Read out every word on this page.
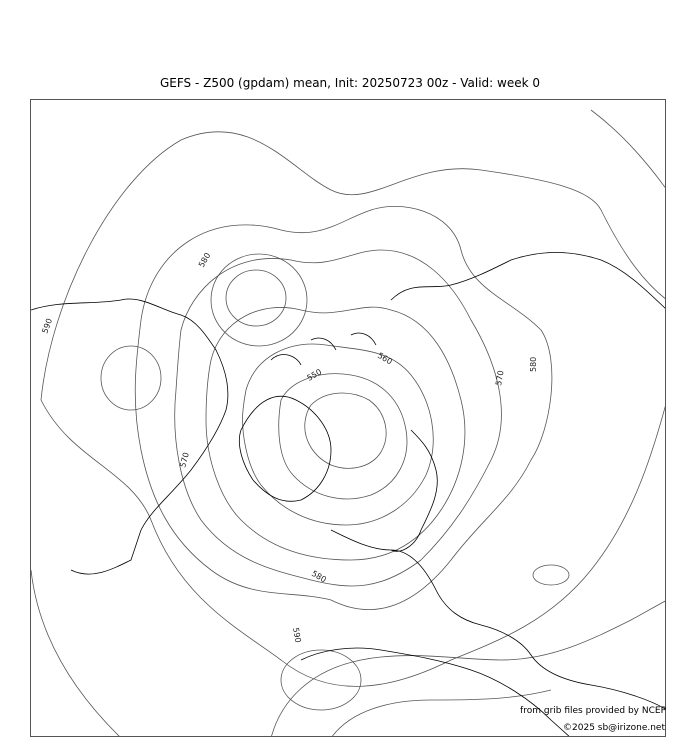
GEFS - Z500 (gpdam) mean, Init: 20250723 00z - Valid: week 0
580
590
560
550
570
570
580
580
590
from grib files provided by NCEP
©2025 sb@irizone.net
